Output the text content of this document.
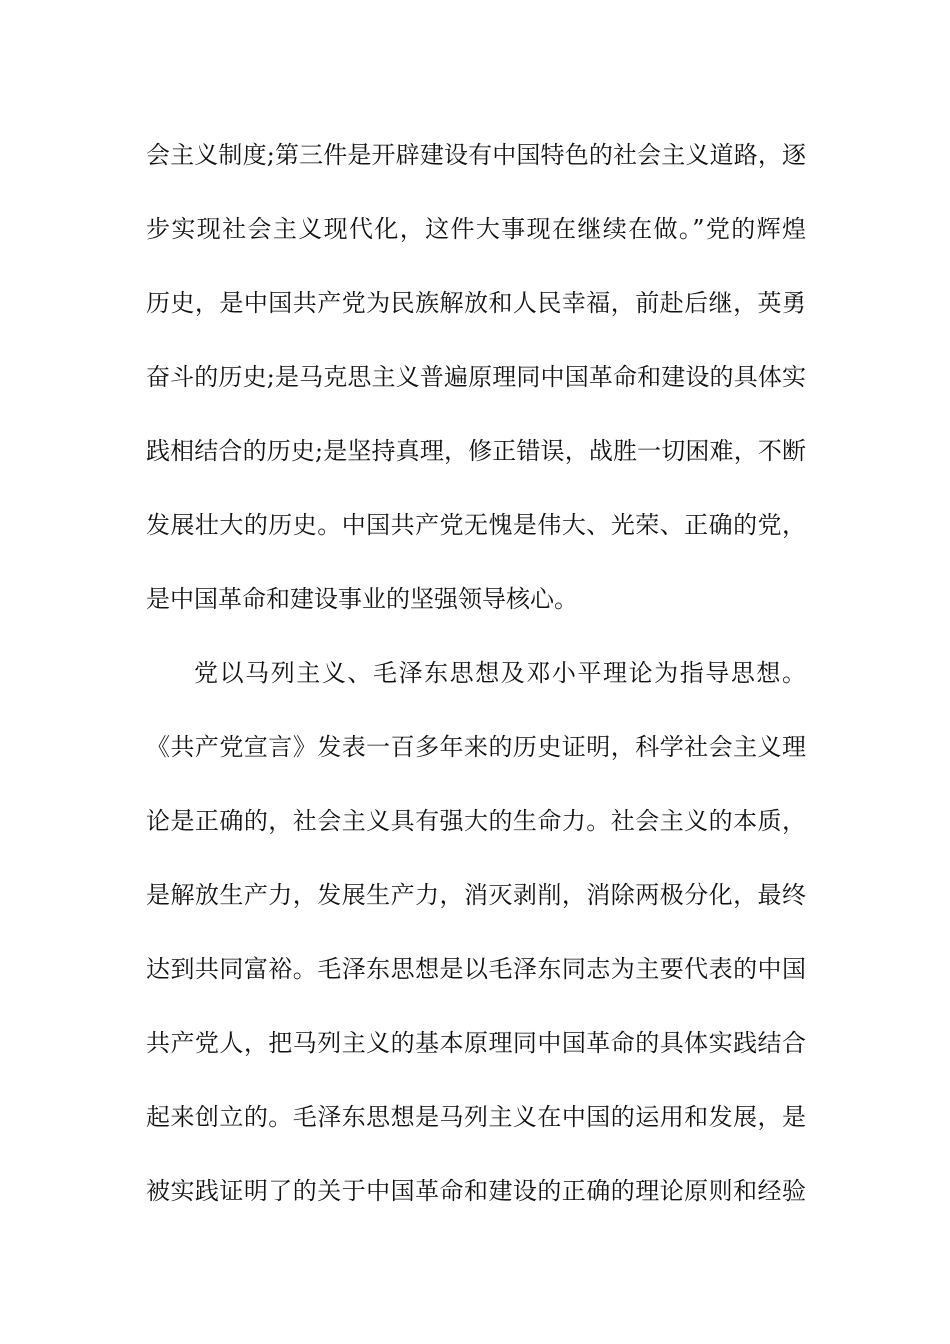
会主义制度;第三件是开辟建设有中国特色的社会主义道路，逐
步实现社会主义现代化，这件大事现在继续在做。”党的辉煌
历史，是中国共产党为民族解放和人民幸福，前赴后继，英勇
奋斗的历史;是马克思主义普遍原理同中国革命和建设的具体实
践相结合的历史;是坚持真理，修正错误，战胜一切困难，不断
发展壮大的历史。中国共产党无愧是伟大、光荣、正确的党，
是中国革命和建设事业的坚强领导核心。
党以马列主义、毛泽东思想及邓小平理论为指导思想。
《共产党宣言》发表一百多年来的历史证明，科学社会主义理
论是正确的，社会主义具有强大的生命力。社会主义的本质，
是解放生产力，发展生产力，消灭剥削，消除两极分化，最终
达到共同富裕。毛泽东思想是以毛泽东同志为主要代表的中国
共产党人，把马列主义的基本原理同中国革命的具体实践结合
起来创立的。毛泽东思想是马列主义在中国的运用和发展，是
被实践证明了的关于中国革命和建设的正确的理论原则和经验
